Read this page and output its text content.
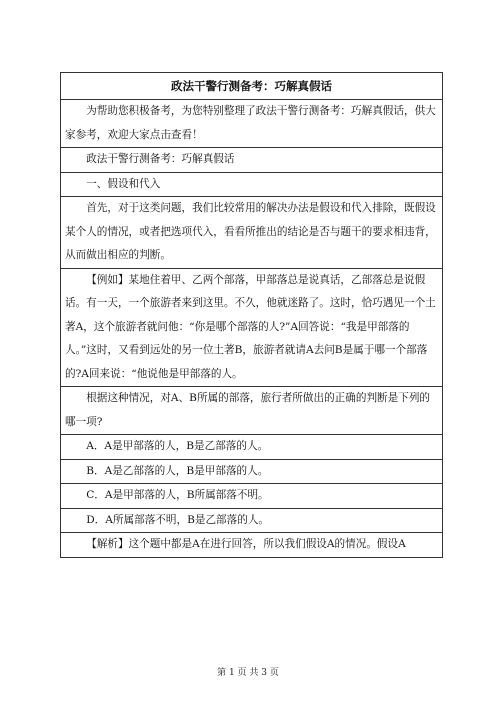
政法干警行测备考：巧解真假话
为帮助您积极备考，为您特别整理了政法干警行测备考：巧解真假话，供大家参考，欢迎大家点击查看！
政法干警行测备考：巧解真假话
一、假设和代入
首先，对于这类问题，我们比较常用的解决办法是假设和代入排除，既假设某个人的情况，或者把选项代入，看看所推出的结论是否与题干的要求相违背，从而做出相应的判断。
【例如】某地住着甲、乙两个部落，甲部落总是说真话，乙部落总是说假话。有一天，一个旅游者来到这里。不久，他就迷路了。这时，恰巧遇见一个土著A，这个旅游者就问他：“你是哪个部落的人?”A回答说：“我是甲部落的人。”这时，又看到远处的另一位土著B，旅游者就请A去问B是属于哪一个部落的?A回来说：“他说他是甲部落的人。
根据这种情况，对A、B所属的部落，旅行者所做出的正确的判断是下列的哪一项?
A．A是甲部落的人，B是乙部落的人。
B．A是乙部落的人，B是甲部落的人。
C．A是甲部落的人，B所属部落不明。
D．A所属部落不明，B是乙部落的人。
【解析】这个题中都是A在进行回答，所以我们假设A的情况。假设A
第 1 页 共 3 页
